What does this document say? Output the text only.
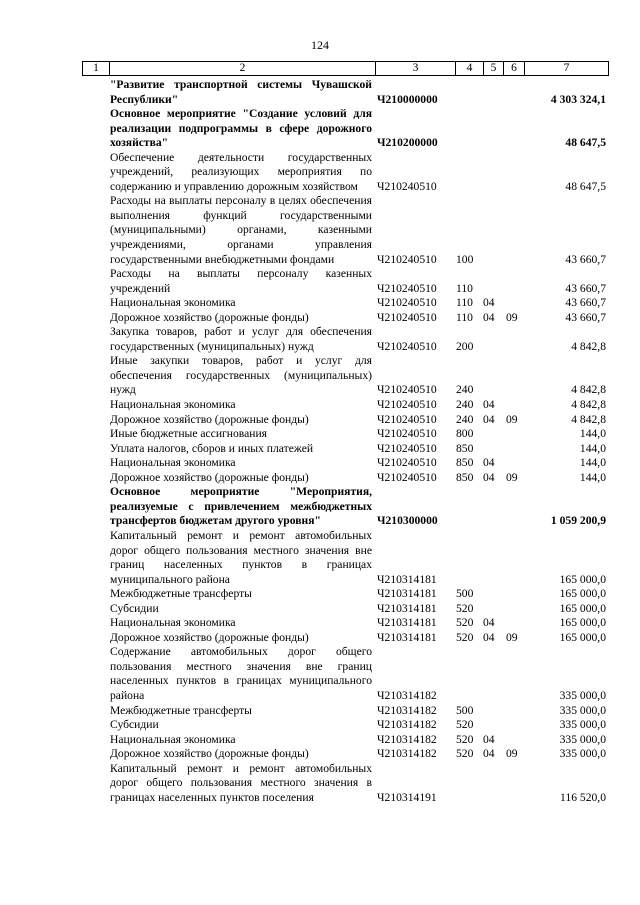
124
1	2	3	4	5	6	7
"Развитие транспортной системы Чувашской Республики"	Ч210000000	4 303 324,1
Основное мероприятие "Создание условий для реализации подпрограммы в сфере дорожного хозяйства"	Ч210200000	48 647,5
Обеспечение деятельности государственных учреждений, реализующих мероприятия по содержанию и управлению дорожным хозяйством	Ч210240510	48 647,5
Расходы на выплаты персоналу в целях обеспечения выполнения функций государственными (муниципальными) органами, казенными учреждениями, органами управления государственными внебюджетными фондами	Ч210240510 100	43 660,7
Расходы на выплаты персоналу казенных учреждений	Ч210240510 110	43 660,7
Национальная экономика	Ч210240510 110 04	43 660,7
Дорожное хозяйство (дорожные фонды)	Ч210240510 110 04 09	43 660,7
Закупка товаров, работ и услуг для обеспечения государственных (муниципальных) нужд	Ч210240510 200	4 842,8
Иные закупки товаров, работ и услуг для обеспечения государственных (муниципальных) нужд	Ч210240510 240	4 842,8
Национальная экономика	Ч210240510 240 04	4 842,8
Дорожное хозяйство (дорожные фонды)	Ч210240510 240 04 09	4 842,8
Иные бюджетные ассигнования	Ч210240510 800	144,0
Уплата налогов, сборов и иных платежей	Ч210240510 850	144,0
Национальная экономика	Ч210240510 850 04	144,0
Дорожное хозяйство (дорожные фонды)	Ч210240510 850 04 09	144,0
Основное мероприятие "Мероприятия, реализуемые с привлечением межбюджетных трансфертов бюджетам другого уровня"	Ч210300000	1 059 200,9
Капитальный ремонт и ремонт автомобильных дорог общего пользования местного значения вне границ населенных пунктов в границах муниципального района	Ч210314181	165 000,0
Межбюджетные трансферты	Ч210314181 500	165 000,0
Субсидии	Ч210314181 520	165 000,0
Национальная экономика	Ч210314181 520 04	165 000,0
Дорожное хозяйство (дорожные фонды)	Ч210314181 520 04 09	165 000,0
Содержание автомобильных дорог общего пользования местного значения вне границ населенных пунктов в границах муниципального района	Ч210314182	335 000,0
Межбюджетные трансферты	Ч210314182 500	335 000,0
Субсидии	Ч210314182 520	335 000,0
Национальная экономика	Ч210314182 520 04	335 000,0
Дорожное хозяйство (дорожные фонды)	Ч210314182 520 04 09	335 000,0
Капитальный ремонт и ремонт автомобильных дорог общего пользования местного значения в границах населенных пунктов поселения	Ч210314191	116 520,0
